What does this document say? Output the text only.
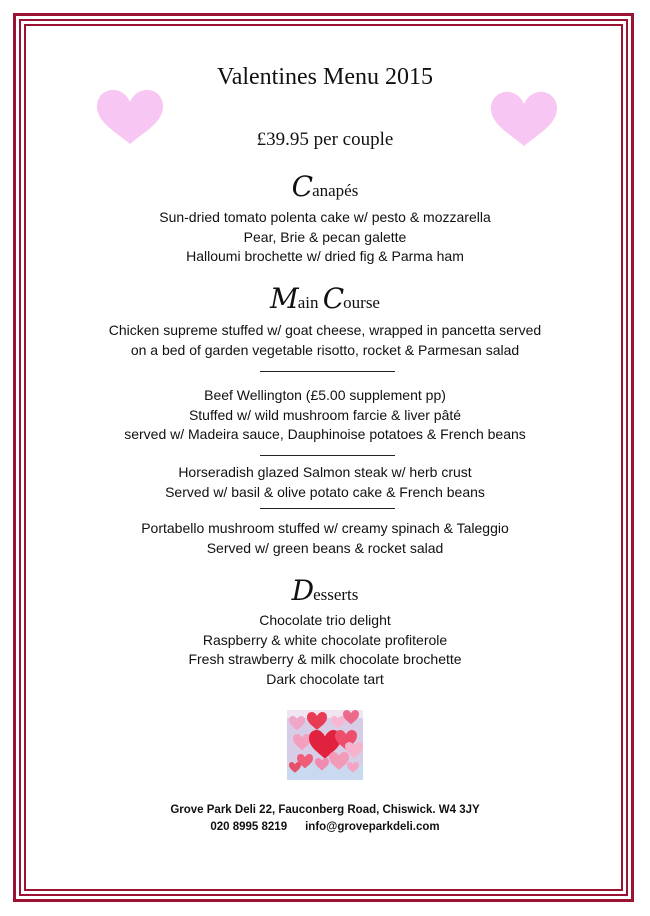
Valentines Menu 2015
£39.95 per couple
Canapés
Sun-dried tomato polenta cake w/ pesto & mozzarella
Pear, Brie & pecan galette
Halloumi brochette w/ dried fig & Parma ham
Main Course
Chicken supreme stuffed w/ goat cheese, wrapped in pancetta served
on a bed of garden vegetable risotto, rocket & Parmesan salad
Beef Wellington (£5.00 supplement pp)
Stuffed w/ wild mushroom farcie & liver pâté
served w/ Madeira sauce, Dauphinoise potatoes & French beans
Horseradish glazed Salmon steak w/ herb crust
Served w/ basil & olive potato cake & French beans
Portabello mushroom stuffed w/ creamy spinach & Taleggio
Served w/ green beans & rocket salad
Desserts
Chocolate trio delight
Raspberry & white chocolate profiterole
Fresh strawberry & milk chocolate brochette
Dark chocolate tart
Grove Park Deli 22, Fauconberg Road, Chiswick. W4 3JY
020 8995 8219 info@groveparkdeli.com
